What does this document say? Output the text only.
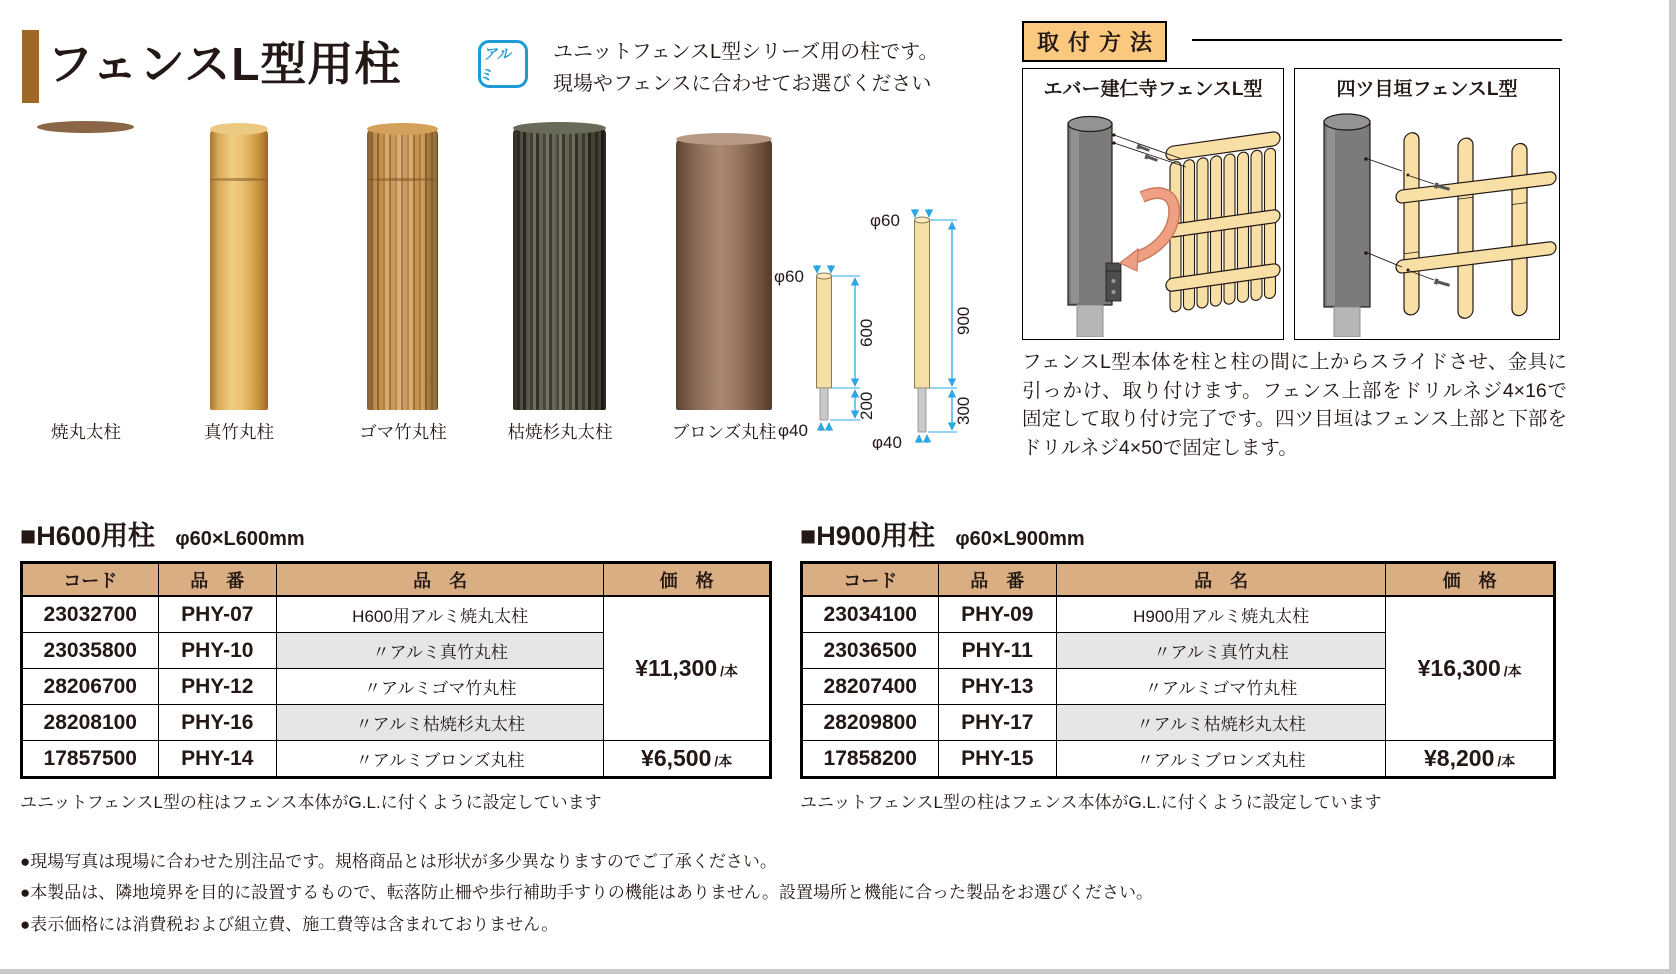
フェンスL型用柱	アルミ
ユニットフェンスL型シリーズ用の柱です。
現場やフェンスに合わせてお選びください
焼丸太柱	真竹丸柱	ゴマ竹丸柱	枯焼杉丸太柱	ブロンズ丸柱
φ60
600
200
φ40
φ60
900
300
φ40
取付方法
エバー建仁寺フェンスL型	四ツ目垣フェンスL型
フェンスL型本体を柱と柱の間に上からスライドさせ、金具に引っかけ、取り付けます。フェンス上部をドリルネジ4×16で固定して取り付け完了です。四ツ目垣はフェンス上部と下部をドリルネジ4×50で固定します。
■H600用柱 φ60×L600mm
コード	品　番	品　名	価　格
23032700	PHY-07	H600用アルミ焼丸太柱	¥11,300 /本
23035800	PHY-10	〃アルミ真竹丸柱	
28206700	PHY-12	〃アルミゴマ竹丸柱	
28208100	PHY-16	〃アルミ枯焼杉丸太柱	
17857500	PHY-14	〃アルミブロンズ丸柱	¥6,500 /本
ユニットフェンスL型の柱はフェンス本体がG.L.に付くように設定しています
■H900用柱 φ60×L900mm
コード	品　番	品　名	価　格
23034100	PHY-09	H900用アルミ焼丸太柱	¥16,300 /本
23036500	PHY-11	〃アルミ真竹丸柱	
28207400	PHY-13	〃アルミゴマ竹丸柱	
28209800	PHY-17	〃アルミ枯焼杉丸太柱	
17858200	PHY-15	〃アルミブロンズ丸柱	¥8,200 /本
ユニットフェンスL型の柱はフェンス本体がG.L.に付くように設定しています
●現場写真は現場に合わせた別注品です。規格商品とは形状が多少異なりますのでご了承ください。
●本製品は、隣地境界を目的に設置するもので、転落防止柵や歩行補助手すりの機能はありません。設置場所と機能に合った製品をお選びください。
●表示価格には消費税および組立費、施工費等は含まれておりません。
